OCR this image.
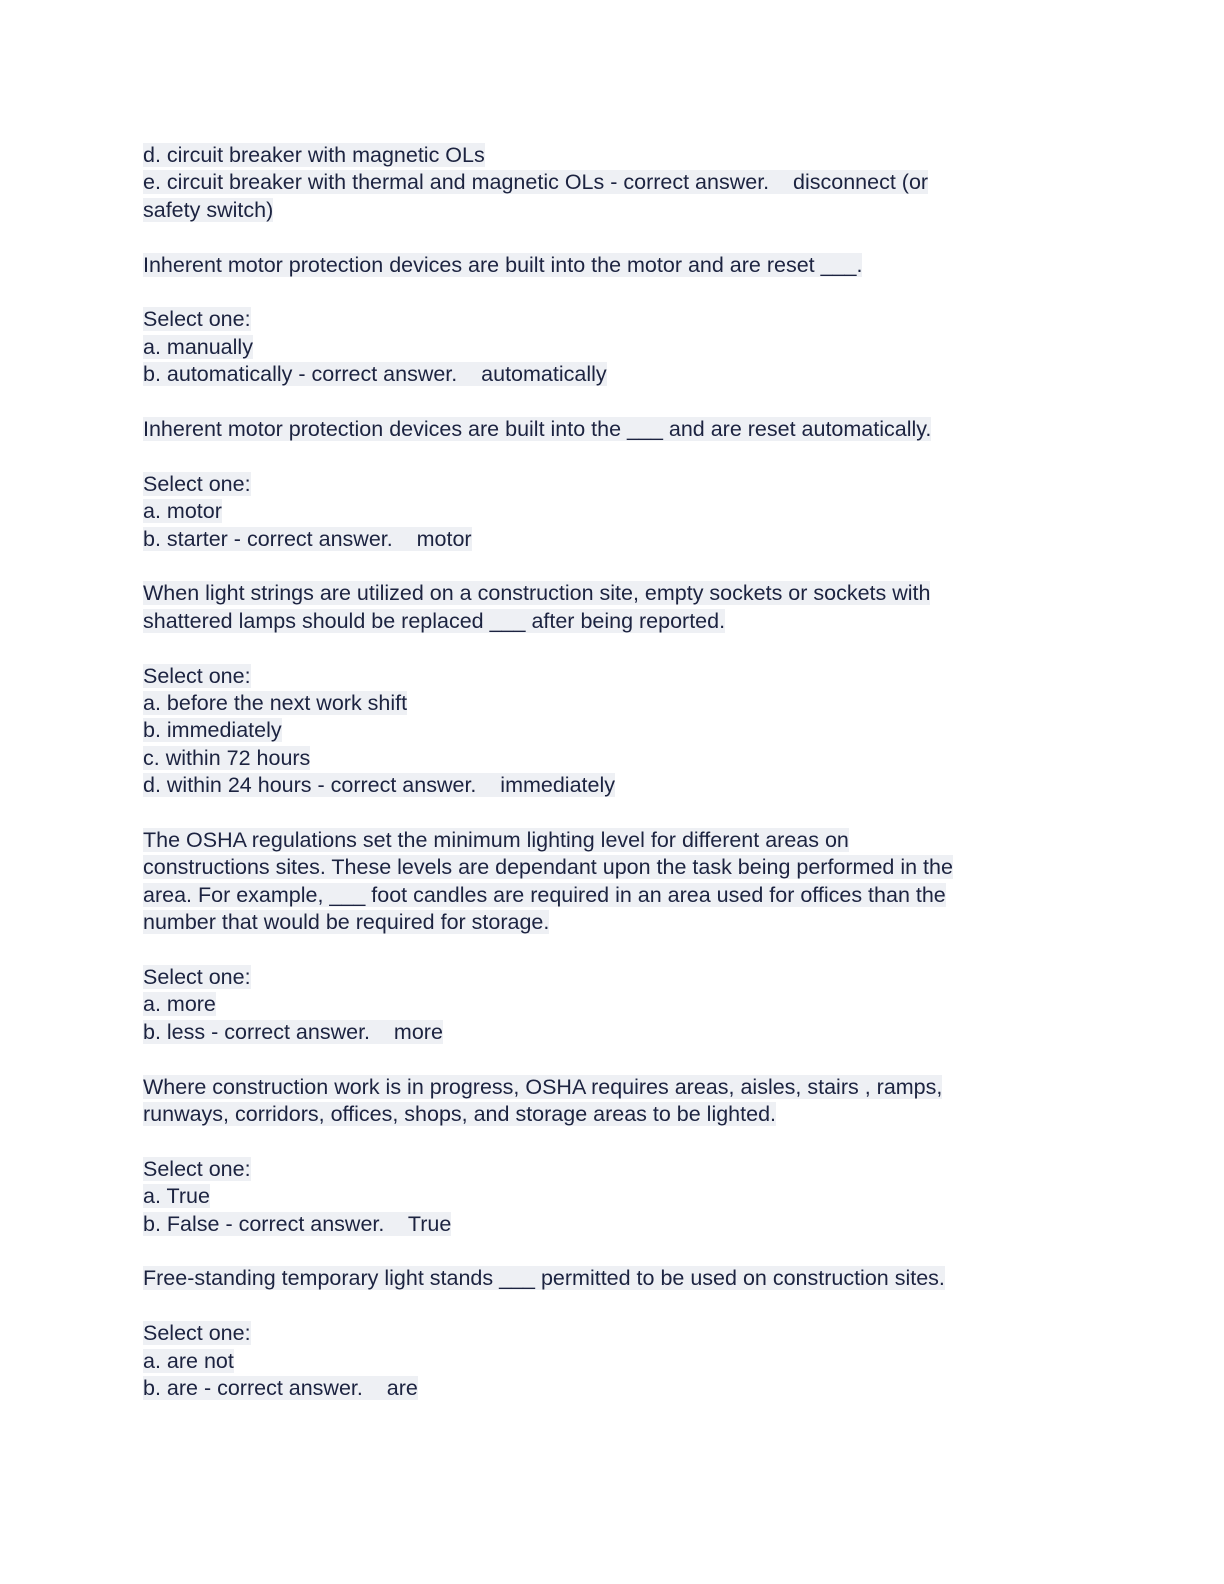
d. circuit breaker with magnetic OLs
e. circuit breaker with thermal and magnetic OLs - correct answer.    disconnect (or
safety switch)
Inherent motor protection devices are built into the motor and are reset ___.
Select one:
a. manually
b. automatically - correct answer.    automatically
Inherent motor protection devices are built into the ___ and are reset automatically.
Select one:
a. motor
b. starter - correct answer.    motor
When light strings are utilized on a construction site, empty sockets or sockets with
shattered lamps should be replaced ___ after being reported.
Select one:
a. before the next work shift
b. immediately
c. within 72 hours
d. within 24 hours - correct answer.    immediately
The OSHA regulations set the minimum lighting level for different areas on
constructions sites. These levels are dependant upon the task being performed in the
area. For example, ___ foot candles are required in an area used for offices than the
number that would be required for storage.
Select one:
a. more
b. less - correct answer.    more
Where construction work is in progress, OSHA requires areas, aisles, stairs , ramps,
runways, corridors, offices, shops, and storage areas to be lighted.
Select one:
a. True
b. False - correct answer.    True
Free-standing temporary light stands ___ permitted to be used on construction sites.
Select one:
a. are not
b. are - correct answer.    are
